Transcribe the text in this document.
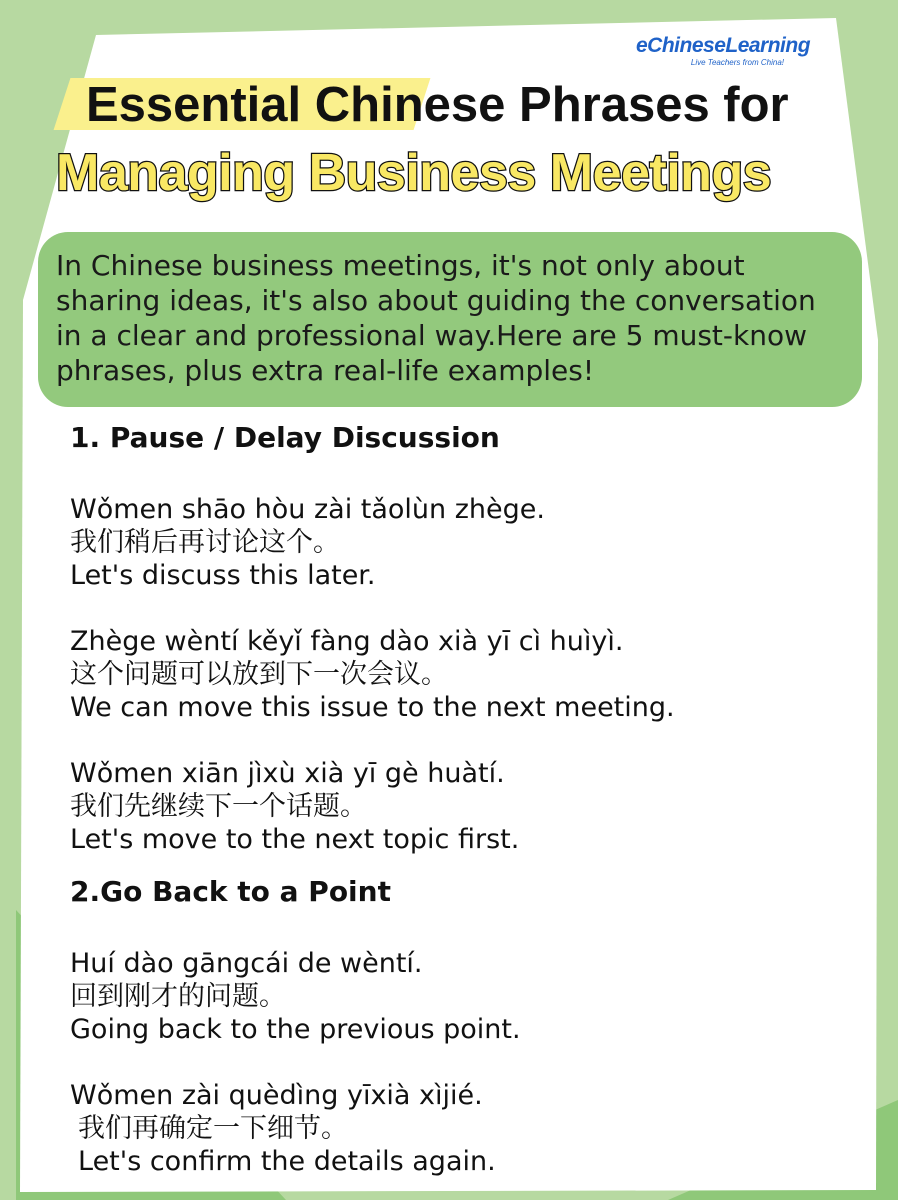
eChineseLearning
Live Teachers from China!
Essential Chinese Phrases for
Managing Business Meetings
In Chinese business meetings, it's not only about sharing ideas, it's also about guiding the conversation in a clear and professional way.Here are 5 must-know phrases, plus extra real-life examples!
1. Pause / Delay Discussion
Wǒmen shāo hòu zài tǎolùn zhège.
我们稍后再讨论这个。
Let's discuss this later.
Zhège wèntí kěyǐ fàng dào xià yī cì huìyì.
这个问题可以放到下一次会议。
We can move this issue to the next meeting.
Wǒmen xiān jìxù xià yī gè huàtí.
我们先继续下一个话题。
Let's move to the next topic first.
2.Go Back to a Point
Huí dào gāngcái de wèntí.
回到刚才的问题。
Going back to the previous point.
Wǒmen zài quèdìng yīxià xìjié.
我们再确定一下细节。
Let's confirm the details again.
